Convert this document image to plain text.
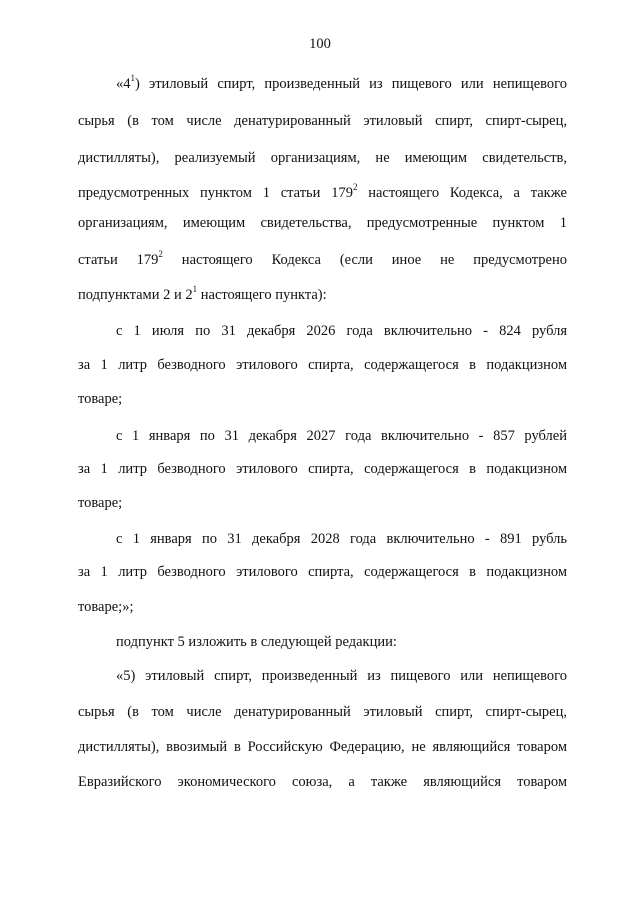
100
«$4^1$) этиловый спирт, произведенный из пищевого или непищевого
сырья (в том числе денатурированный этиловый спирт, спирт-сырец,
дистилляты), реализуемый организациям, не имеющим свидетельств,
предусмотренных пунктом 1 статьи $179^2$ настоящего Кодекса, а также
организациям, имеющим свидетельства, предусмотренные пунктом 1
статьи $179^2$ настоящего Кодекса (если иное не предусмотрено
подпунктами 2 и $2^1$ настоящего пункта):
с 1 июля по 31 декабря 2026 года включительно - 824 рубля
за 1 литр безводного этилового спирта, содержащегося в подакцизном
товаре;
с 1 января по 31 декабря 2027 года включительно - 857 рублей
за 1 литр безводного этилового спирта, содержащегося в подакцизном
товаре;
с 1 января по 31 декабря 2028 года включительно - 891 рубль
за 1 литр безводного этилового спирта, содержащегося в подакцизном
товаре;»;
подпункт 5 изложить в следующей редакции:
«5) этиловый спирт, произведенный из пищевого или непищевого
сырья (в том числе денатурированный этиловый спирт, спирт-сырец,
дистилляты), ввозимый в Российскую Федерацию, не являющийся товаром
Евразийского экономического союза, а также являющийся товаром
